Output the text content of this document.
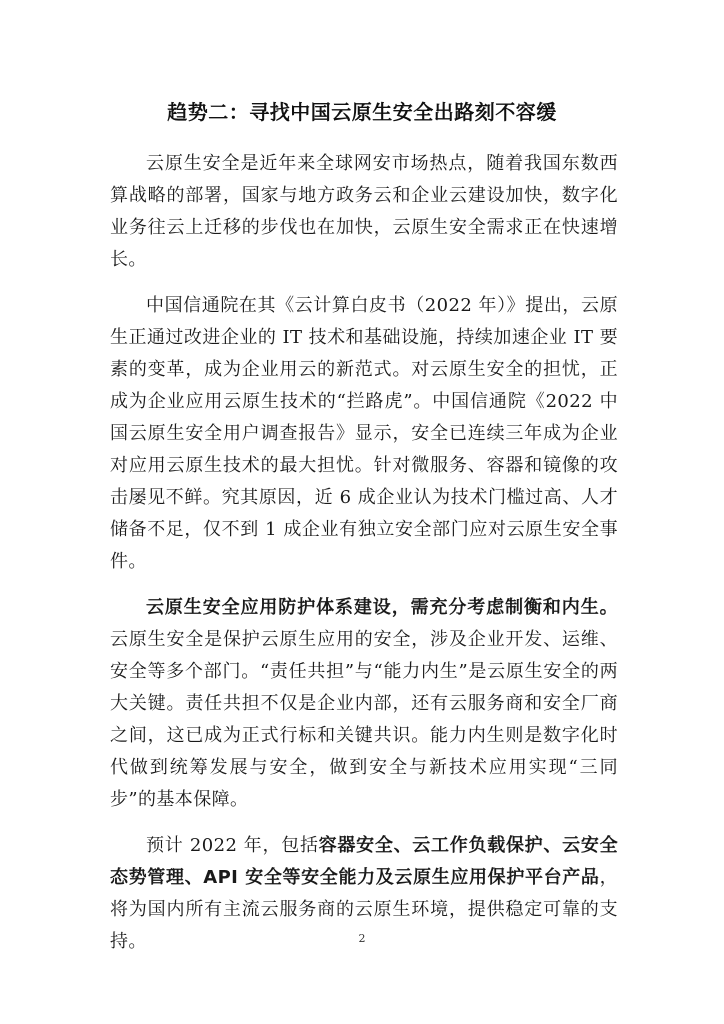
趋势二：寻找中国云原生安全出路刻不容缓

云原生安全是近年来全球网安市场热点，随着我国东数西算战略的部署，国家与地方政务云和企业云建设加快，数字化业务往云上迁移的步伐也在加快，云原生安全需求正在快速增长。

中国信通院在其《云计算白皮书（2022 年）》提出，云原生正通过改进企业的 IT 技术和基础设施，持续加速企业 IT 要素的变革，成为企业用云的新范式。对云原生安全的担忧，正成为企业应用云原生技术的“拦路虎”。中国信通院《2022 中国云原生安全用户调查报告》显示，安全已连续三年成为企业对应用云原生技术的最大担忧。针对微服务、容器和镜像的攻击屡见不鲜。究其原因，近 6 成企业认为技术门槛过高、人才储备不足，仅不到 1 成企业有独立安全部门应对云原生安全事件。

云原生安全应用防护体系建设，需充分考虑制衡和内生。云原生安全是保护云原生应用的安全，涉及企业开发、运维、安全等多个部门。“责任共担”与“能力内生”是云原生安全的两大关键。责任共担不仅是企业内部，还有云服务商和安全厂商之间，这已成为正式行标和关键共识。能力内生则是数字化时代做到统筹发展与安全，做到安全与新技术应用实现“三同步”的基本保障。

预计 2022 年，包括容器安全、云工作负载保护、云安全态势管理、API 安全等安全能力及云原生应用保护平台产品，将为国内所有主流云服务商的云原生环境，提供稳定可靠的支持。	2
